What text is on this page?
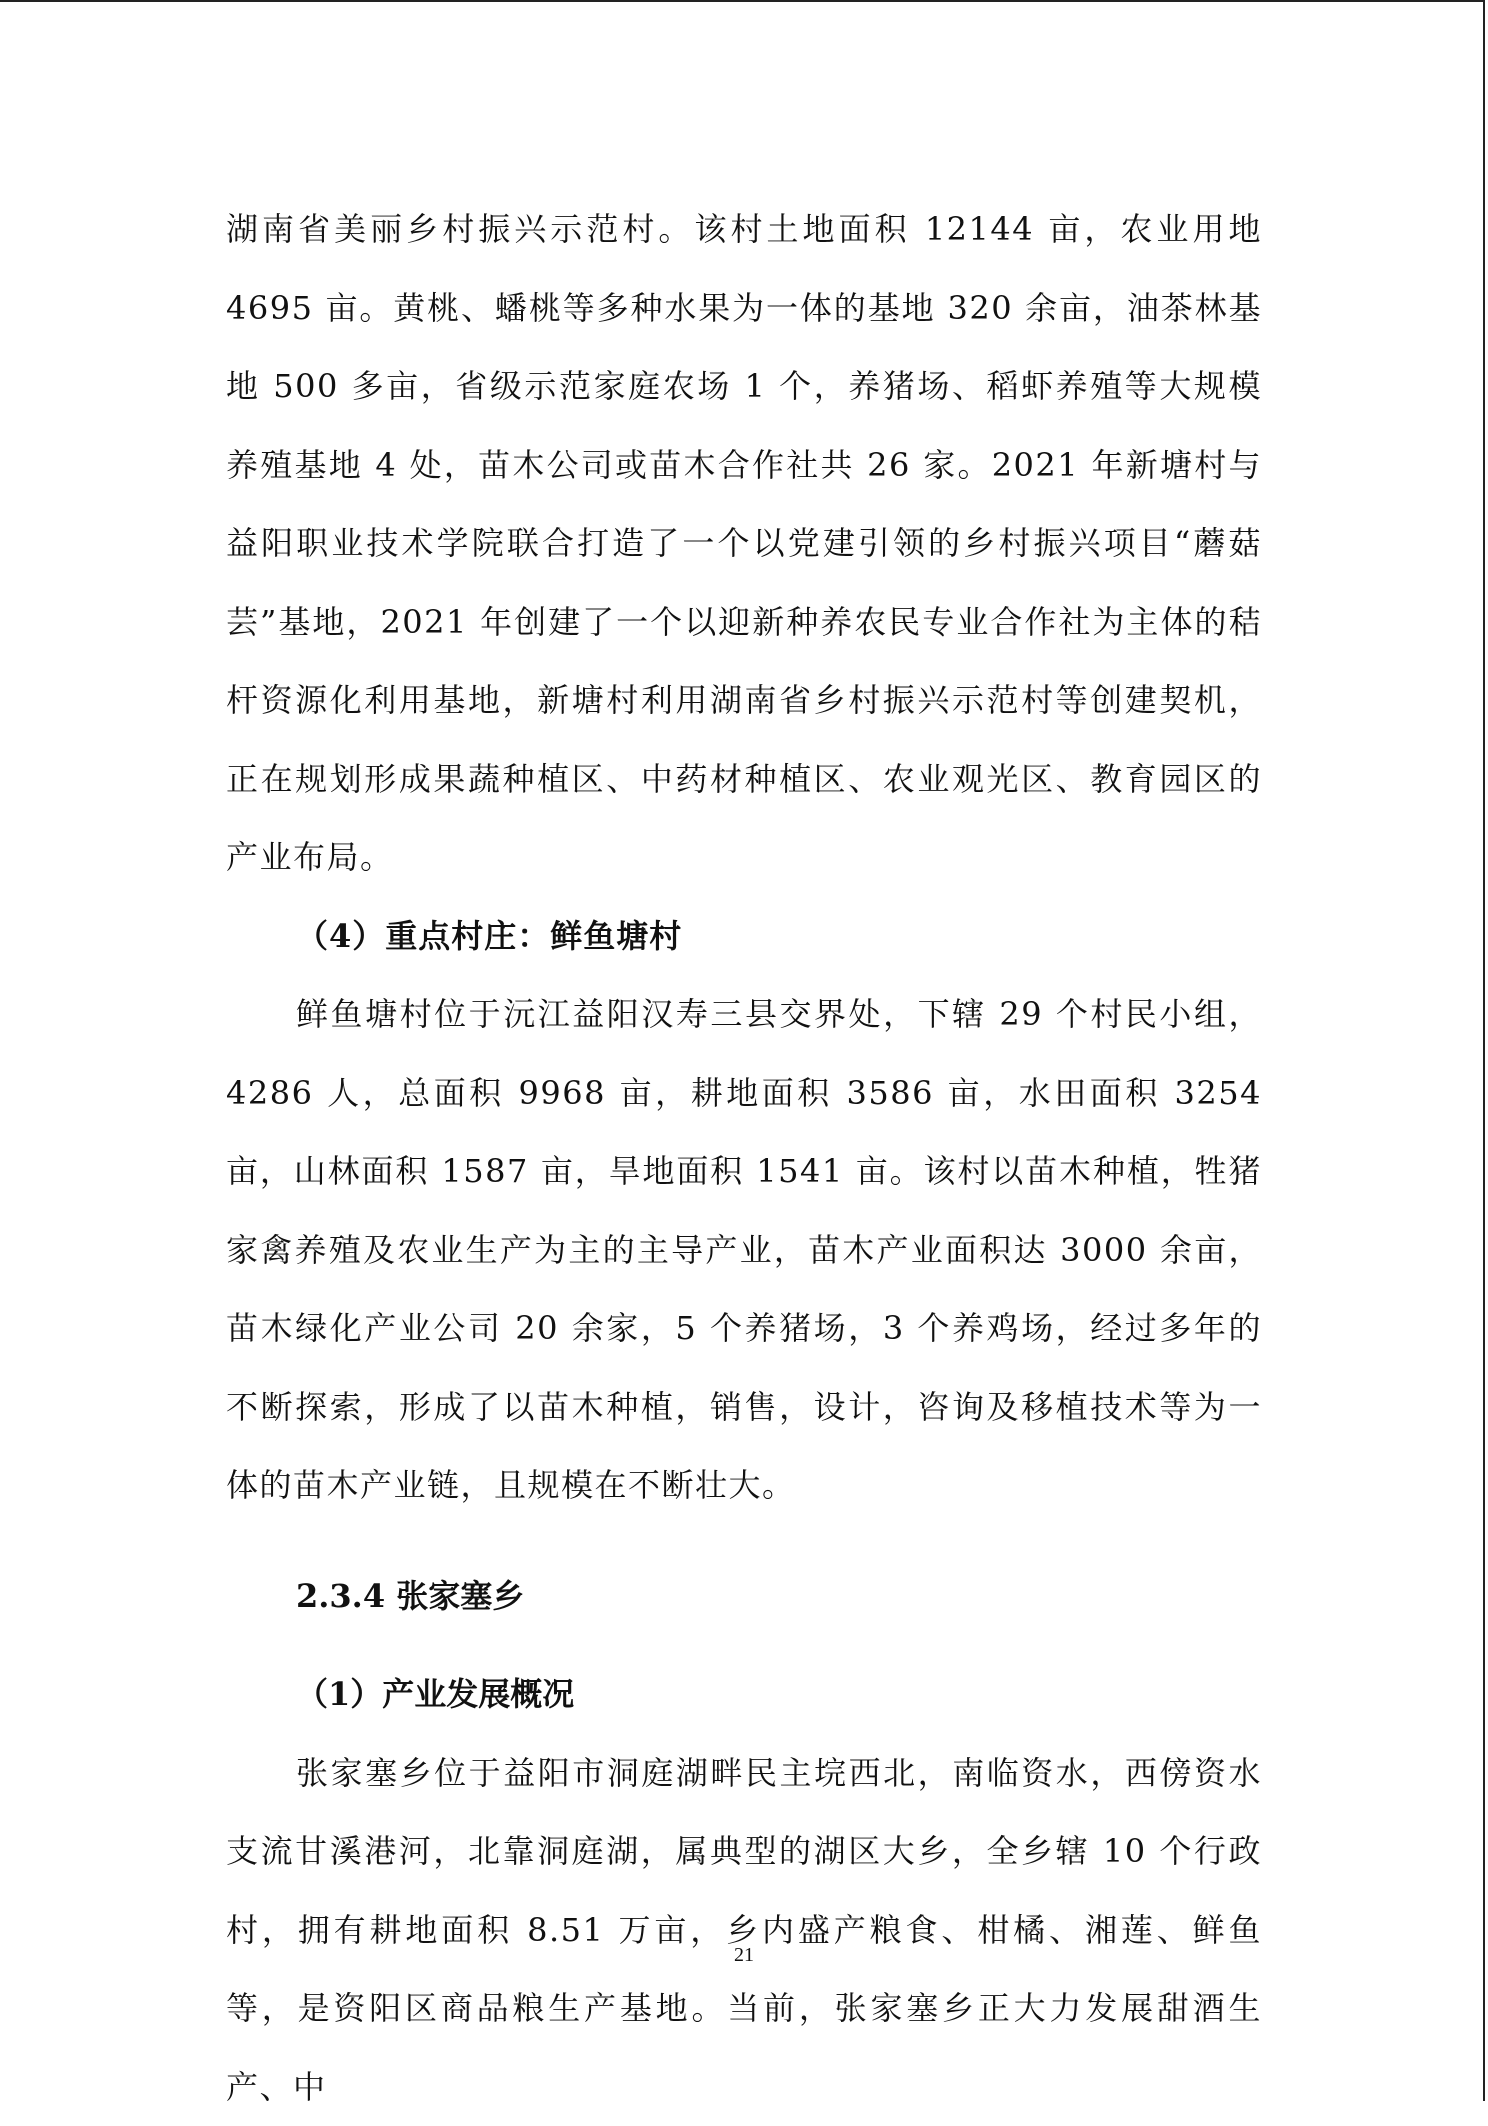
湖南省美丽乡村振兴示范村。该村土地面积 12144 亩，农业用地 4695 亩。黄桃、蟠桃等多种水果为一体的基地 320 余亩，油茶林基地 500 多亩，省级示范家庭农场 1 个，养猪场、稻虾养殖等大规模养殖基地 4 处，苗木公司或苗木合作社共 26 家。2021 年新塘村与益阳职业技术学院联合打造了一个以党建引领的乡村振兴项目“蘑菇芸”基地，2021 年创建了一个以迎新种养农民专业合作社为主体的秸杆资源化利用基地，新塘村利用湖南省乡村振兴示范村等创建契机，正在规划形成果蔬种植区、中药材种植区、农业观光区、教育园区的产业布局。

（4）重点村庄：鲜鱼塘村

鲜鱼塘村位于沅江益阳汉寿三县交界处，下辖 29 个村民小组，4286 人，总面积 9968 亩，耕地面积 3586 亩，水田面积 3254 亩，山林面积 1587 亩，旱地面积 1541 亩。该村以苗木种植，牲猪家禽养殖及农业生产为主的主导产业，苗木产业面积达 3000 余亩，苗木绿化产业公司 20 余家，5 个养猪场，3 个养鸡场，经过多年的不断探索，形成了以苗木种植，销售，设计，咨询及移植技术等为一体的苗木产业链，且规模在不断壮大。

2.3.4 张家塞乡

（1）产业发展概况

张家塞乡位于益阳市洞庭湖畔民主垸西北，南临资水，西傍资水支流甘溪港河，北靠洞庭湖，属典型的湖区大乡，全乡辖 10 个行政村，拥有耕地面积 8.51 万亩，乡内盛产粮食、柑橘、湘莲、鲜鱼等，是资阳区商品粮生产基地。当前，张家塞乡正大力发展甜酒生产、中

21
